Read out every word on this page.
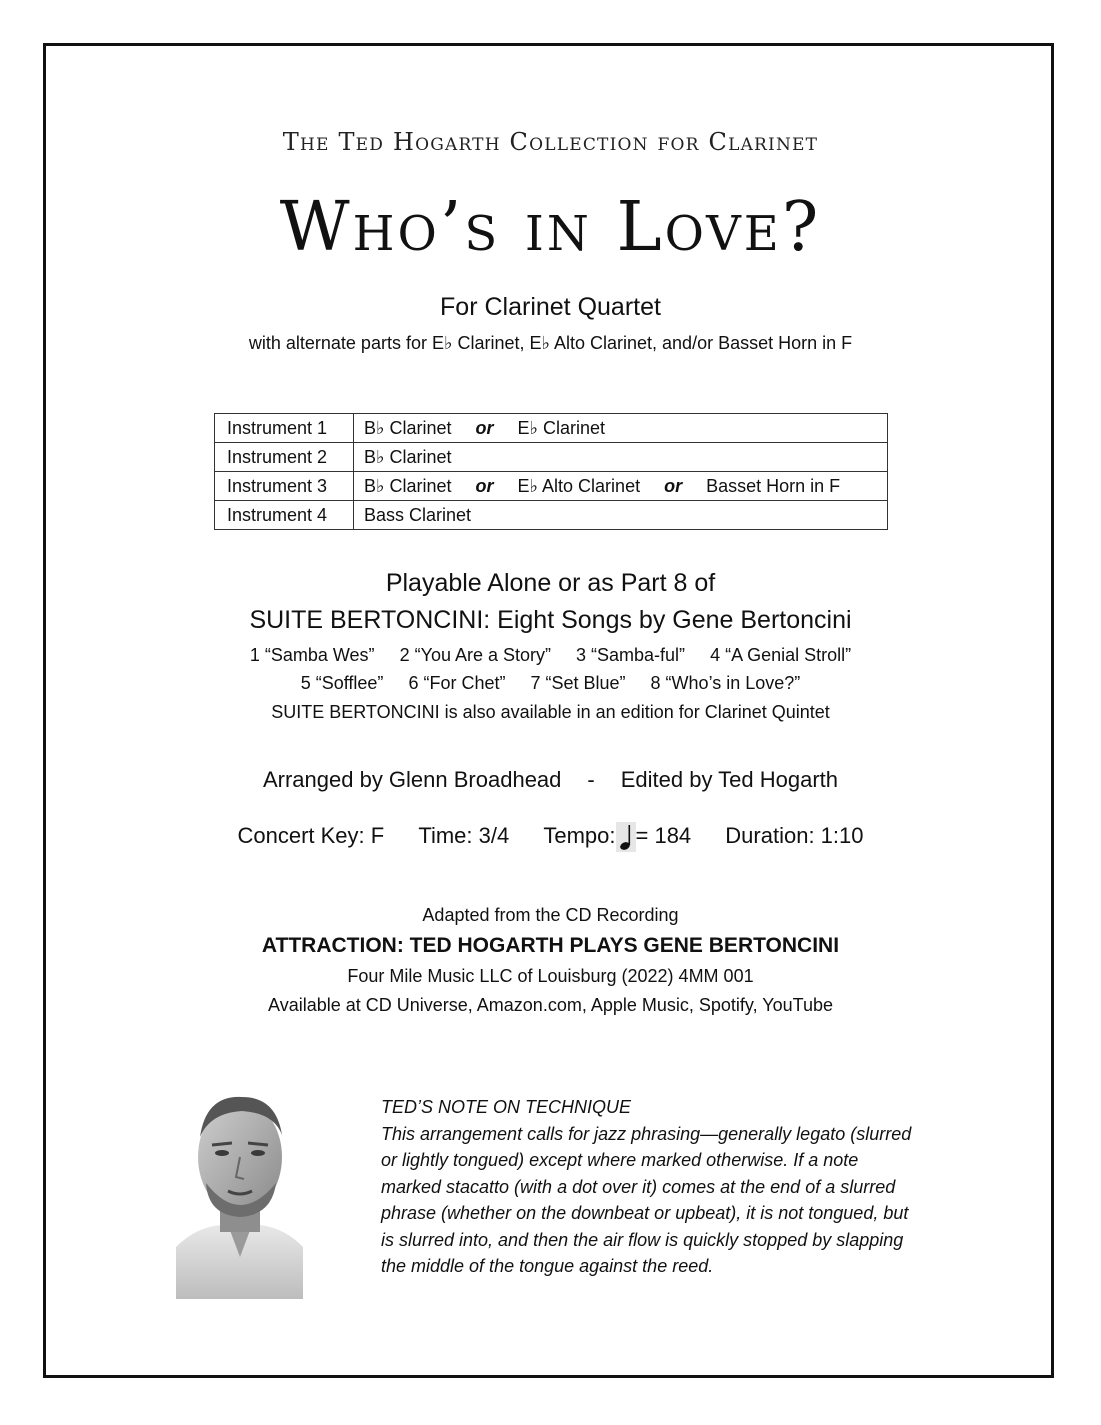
The Ted Hogarth Collection for Clarinet
Who’s in Love?
For Clarinet Quartet
with alternate parts for E♭ Clarinet, E♭ Alto Clarinet, and/or Basset Horn in F
Instrument 1	B♭ Clarinet or E♭ Clarinet
Instrument 2	B♭ Clarinet
Instrument 3	B♭ Clarinet or E♭ Alto Clarinet or Basset Horn in F
Instrument 4	Bass Clarinet
Playable Alone or as Part 8 of
SUITE BERTONCINI: Eight Songs by Gene Bertoncini
1 “Samba Wes” 2 “You Are a Story” 3 “Samba-ful” 4 “A Genial Stroll”
5 “Sofflee” 6 “For Chet” 7 “Set Blue” 8 “Who’s in Love?”
SUITE BERTONCINI is also available in an edition for Clarinet Quintet
Arranged by Glenn Broadhead - Edited by Ted Hogarth
Concert Key: F Time: 3/4 Tempo: = 184 Duration: 1:10
Adapted from the CD Recording
ATTRACTION: TED HOGARTH PLAYS GENE BERTONCINI
Four Mile Music LLC of Louisburg (2022) 4MM 001
Available at CD Universe, Amazon.com, Apple Music, Spotify, YouTube
TED’S NOTE ON TECHNIQUE
This arrangement calls for jazz phrasing—generally legato (slurred
or lightly tongued) except where marked otherwise. If a note
marked stacatto (with a dot over it) comes at the end of a slurred
phrase (whether on the downbeat or upbeat), it is not tongued, but
is slurred into, and then the air flow is quickly stopped by slapping
the middle of the tongue against the reed.
